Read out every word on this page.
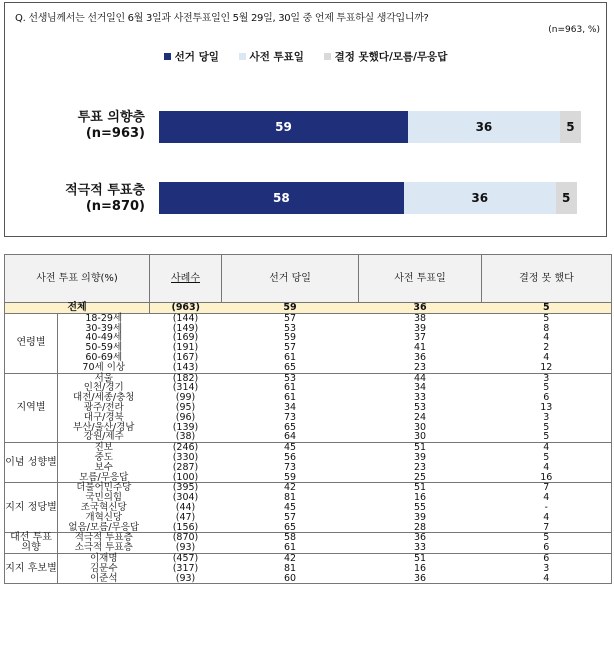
Q. 선생님께서는 선거일인 6월 3일과 사전투표일인 5월 29일, 30일 중 언제 투표하실 생각입니까?
(n=963, %)
선거 당일	사전 투표일	결정 못했다/모름/무응답
투표 의향층
(n=963)
적극적 투표층
(n=870)
59	36	5
58	36	5
사전 투표 의향(%)		사례수	선거 당일	사전 투표일	결정 못 했다
전체		(963)	59	36	5
연령별	18-29세	(144)	57	38	5
	30-39세	(149)	53	39	8
	40-49세	(169)	59	37	4
	50-59세	(191)	57	41	2
	60-69세	(167)	61	36	4
	70세 이상	(143)	65	23	12
지역별	서울	(182)	53	44	3
	인천/경기	(314)	61	34	5
	대전/세종/충청	(99)	61	33	6
	광주/전라	(95)	34	53	13
	대구/경북	(96)	73	24	3
	부산/울산/경남	(139)	65	30	5
	강원/제주	(38)	64	30	5
이념 성향별	진보	(246)	45	51	4
	중도	(330)	56	39	5
	보수	(287)	73	23	4
	모름/무응답	(100)	59	25	16
지지 정당별	더불어민주당	(395)	42	51	7
	국민의힘	(304)	81	16	4
	조국혁신당	(44)	45	55	-
	개혁신당	(47)	57	39	4
	없음/모름/무응답	(156)	65	28	7
대선 투표 의향	적극적 투표층	(870)	58	36	5
	소극적 투표층	(93)	61	33	6
지지 후보별	이재명	(457)	42	51	6
	김문수	(317)	81	16	3
	이준석	(93)	60	36	4
